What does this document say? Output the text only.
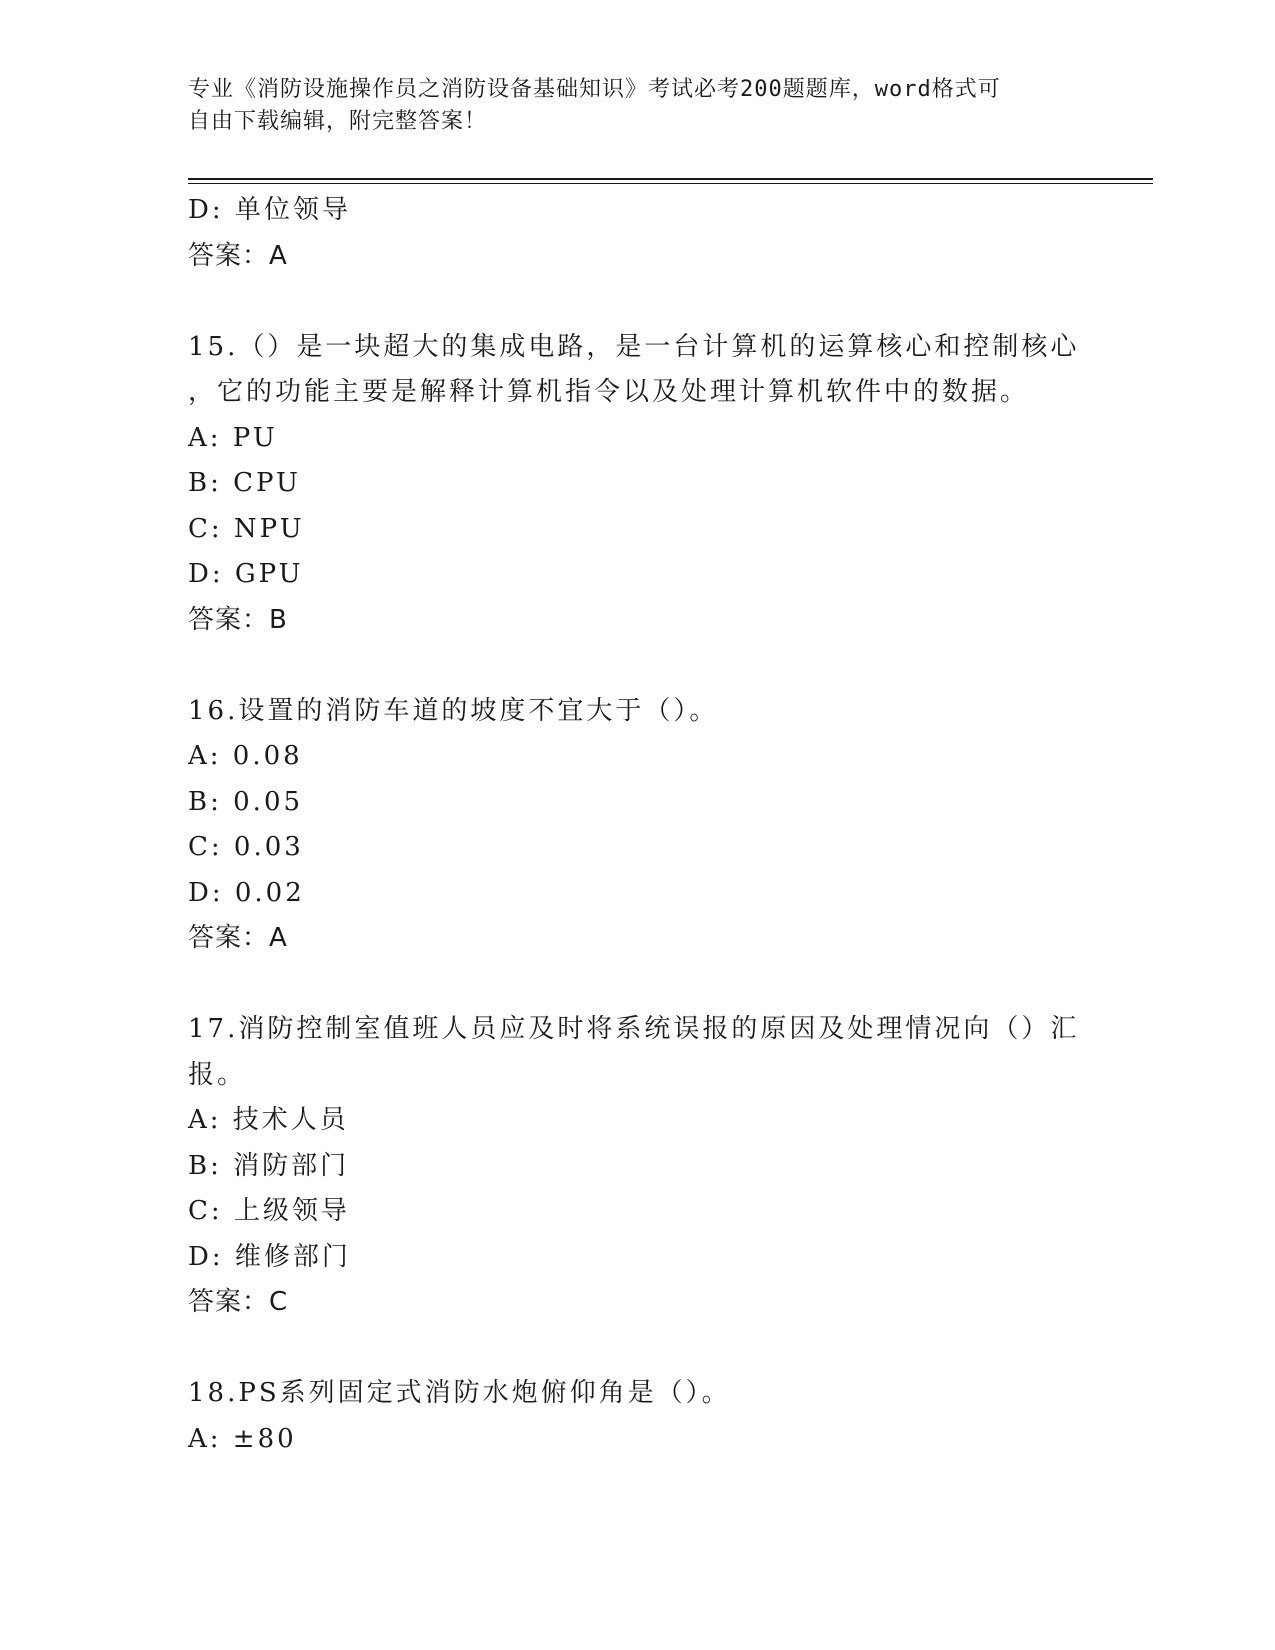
专业《消防设施操作员之消防设备基础知识》考试必考200题题库，word格式可
自由下载编辑，附完整答案！
D: 单位领导
答案：A
15.（）是一块超大的集成电路，是一台计算机的运算核心和控制核心
，它的功能主要是解释计算机指令以及处理计算机软件中的数据。
A: PU
B: CPU
C: NPU
D: GPU
答案：B
16.设置的消防车道的坡度不宜大于（）。
A: 0.08
B: 0.05
C: 0.03
D: 0.02
答案：A
17.消防控制室值班人员应及时将系统误报的原因及处理情况向（）汇
报。
A: 技术人员
B: 消防部门
C: 上级领导
D: 维修部门
答案：C
18.PS系列固定式消防水炮俯仰角是（）。
A: ±80
